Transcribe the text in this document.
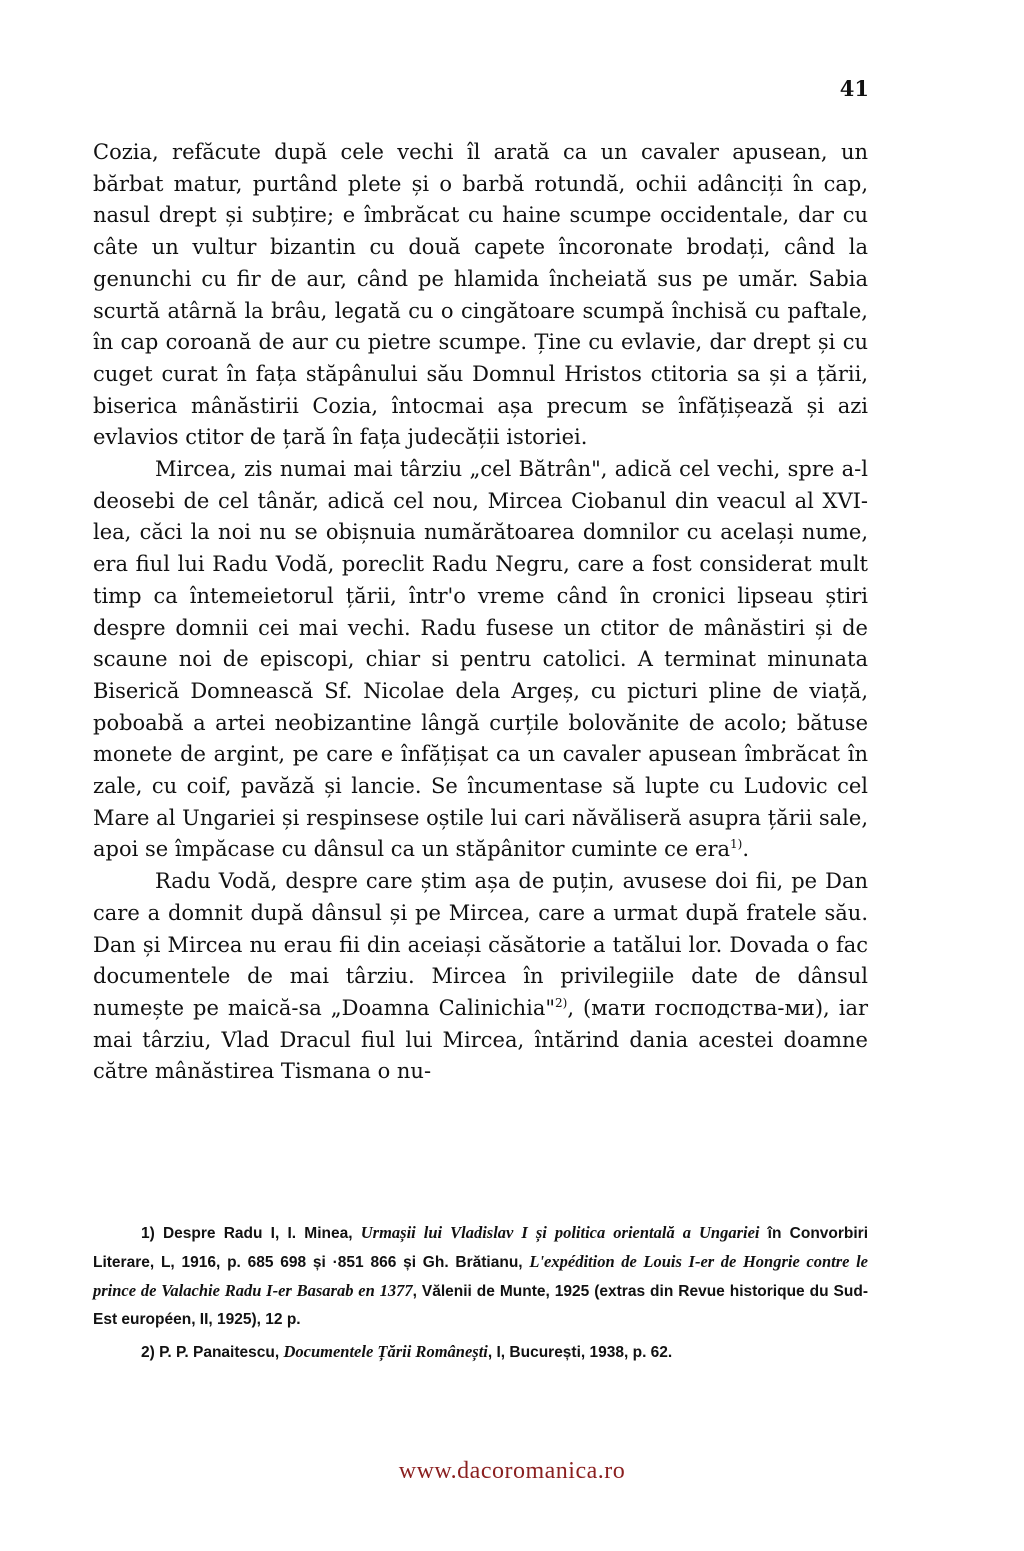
41

Cozia, refăcute după cele vechi îl arată ca un cavaler apusean, un bărbat matur, purtând plete și o barbă rotundă, ochii adânciți în cap, nasul drept și subțire; e îmbrăcat cu haine scumpe occidentale, dar cu câte un vultur bizantin cu două capete încoronate brodați, când la genunchi cu fir de aur, când pe hlamida încheiată sus pe umăr. Sabia scurtă atârnă la brâu, legată cu o cingătoare scumpă închisă cu paftale, în cap coroană de aur cu pietre scumpe. Ține cu evlavie, dar drept și cu cuget curat în fața stăpânului său Domnul Hristos ctitoria sa și a țării, biserica mânăstirii Cozia, întocmai așa precum se înfățișează și azi evlavios ctitor de țară în fața judecății istoriei.

Mircea, zis numai mai târziu „cel Bătrân", adică cel vechi, spre a-l deosebi de cel tânăr, adică cel nou, Mircea Ciobanul din veacul al XVI-lea, căci la noi nu se obișnuia numărătoarea domnilor cu același nume, era fiul lui Radu Vodă, poreclit Radu Negru, care a fost considerat mult timp ca întemeietorul țării, într'o vreme când în cronici lipseau știri despre domnii cei mai vechi. Radu fusese un ctitor de mânăstiri și de scaune noi de episcopi, chiar si pentru catolici. A terminat minunata Biserică Domnească Sf. Nicolae dela Argeș, cu picturi pline de viață, poboabă a artei neobizantine lângă curțile bolovănite de acolo; bătuse monete de argint, pe care e înfățișat ca un cavaler apusean îmbrăcat în zale, cu coif, pavăză și lancie. Se încumentase să lupte cu Ludovic cel Mare al Ungariei și respinsese oștile lui cari năvăliseră asupra țării sale, apoi se împăcase cu dânsul ca un stăpânitor cuminte ce era$^{1)}$.

Radu Vodă, despre care știm așa de puțin, avusese doi fii, pe Dan care a domnit după dânsul și pe Mircea, care a urmat după fratele său. Dan și Mircea nu erau fii din aceiași căsătorie a tatălui lor. Dovada o fac documentele de mai târziu. Mircea în privilegiile date de dânsul numește pe maică-sa „Doamna Calinichia"$^{2)}$, (мати господства-ми), iar mai târziu, Vlad Dracul fiul lui Mircea, întărind dania acestei doamne către mânăstirea Tismana o nu-

1) Despre Radu I, I. Minea, Urmașii lui Vladislav I și politica orientală a Ungariei în Convorbiri Literare, L, 1916, p. 685 698 și ·851 866 și Gh. Brătianu, L'expédition de Louis I-er de Hongrie contre le prince de Valachie Radu I-er Basarab en 1377, Vălenii de Munte, 1925 (extras din Revue historique du Sud-Est européen, II, 1925), 12 p.

2) P. P. Panaitescu, Documentele Țării Românești, I, București, 1938, p. 62.

www.dacoromanica.ro
